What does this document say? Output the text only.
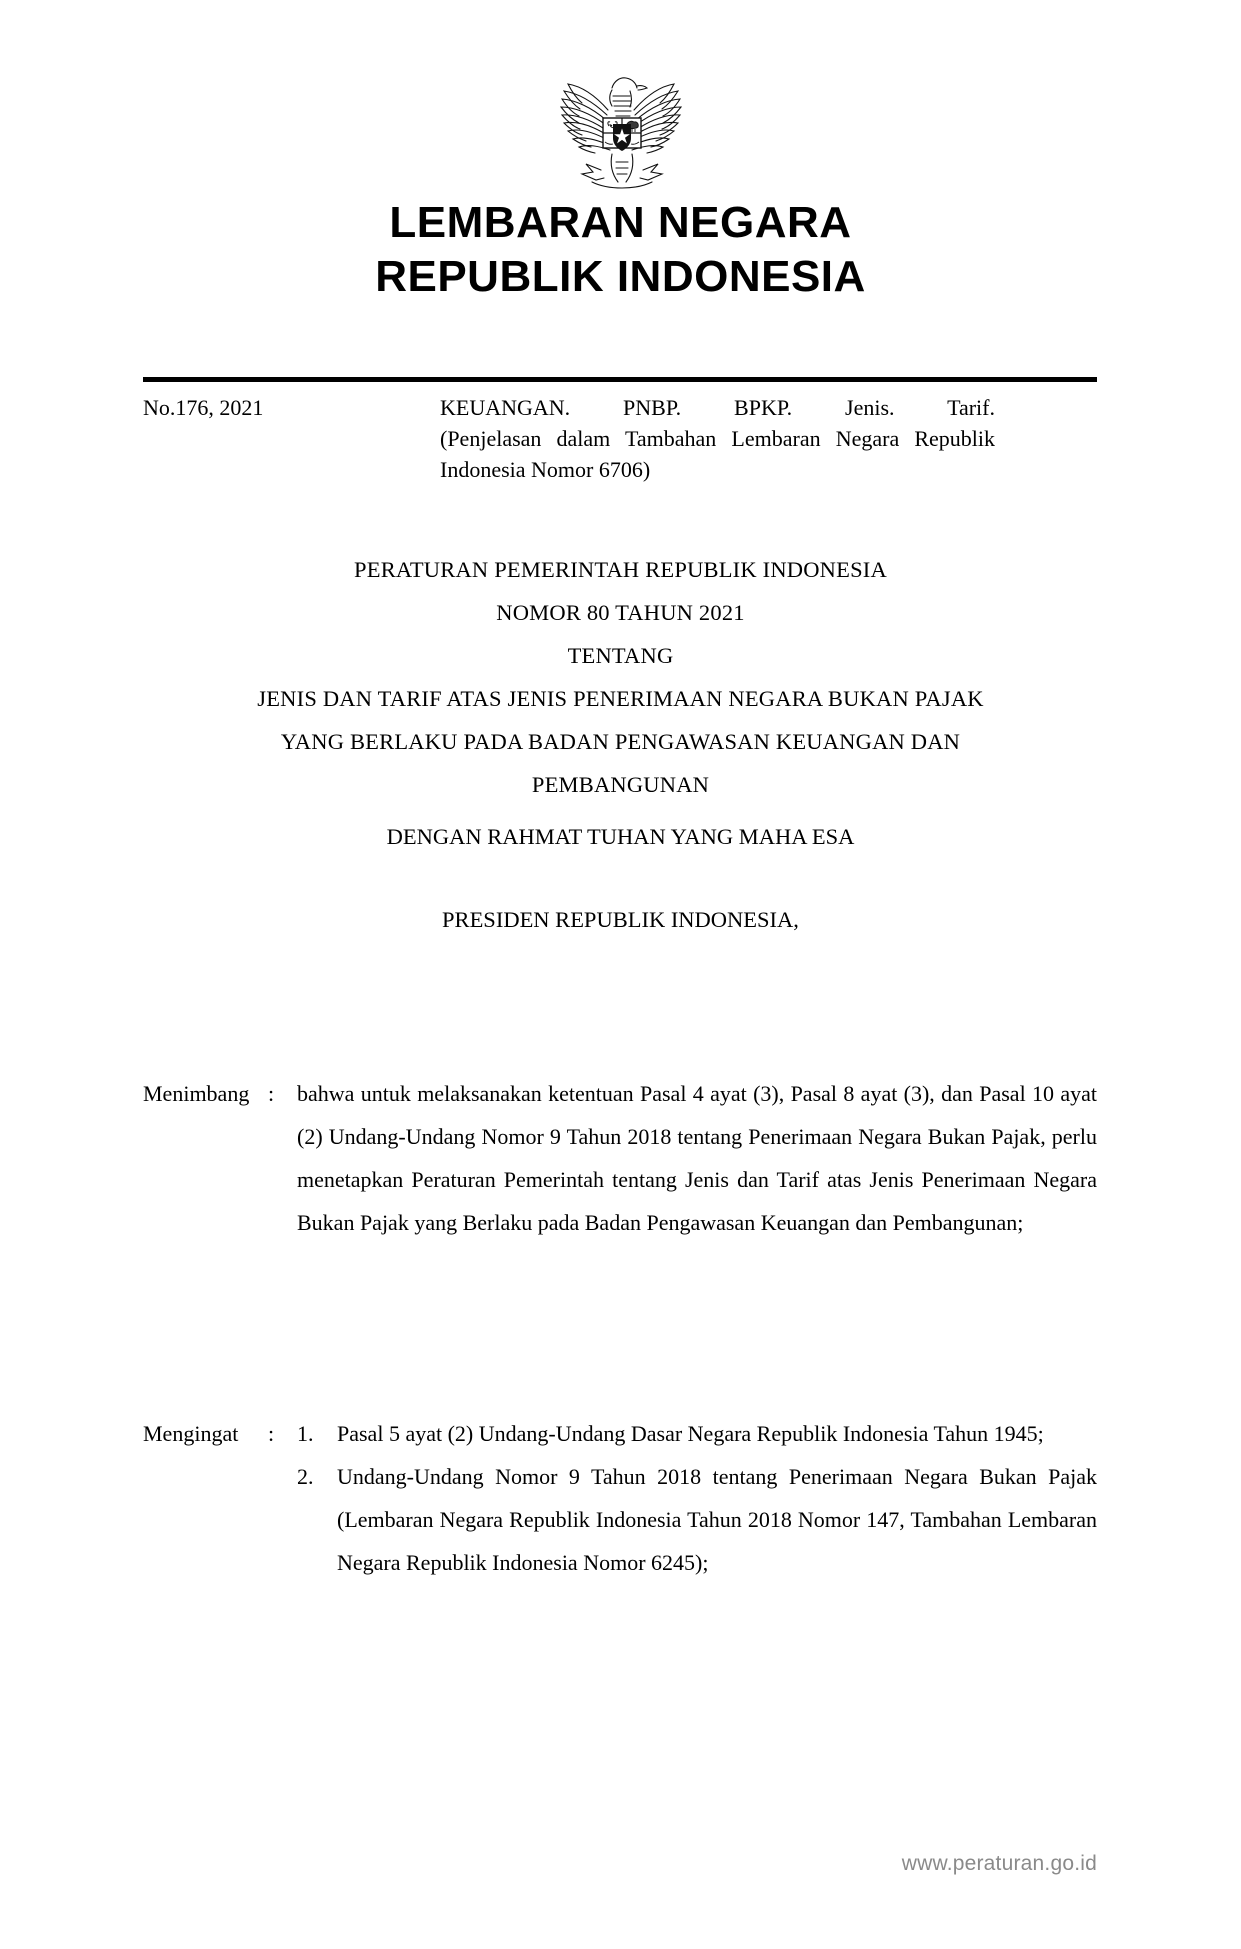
LEMBARAN NEGARA
REPUBLIK INDONESIA
No.176, 2021	KEUANGAN. PNBP. BPKP. Jenis. Tarif.
(Penjelasan dalam Tambahan Lembaran Negara Republik Indonesia Nomor 6706)
PERATURAN PEMERINTAH REPUBLIK INDONESIA
NOMOR 80 TAHUN 2021
TENTANG
JENIS DAN TARIF ATAS JENIS PENERIMAAN NEGARA BUKAN PAJAK
YANG BERLAKU PADA BADAN PENGAWASAN KEUANGAN DAN
PEMBANGUNAN
DENGAN RAHMAT TUHAN YANG MAHA ESA
PRESIDEN REPUBLIK INDONESIA,
Menimbang :	bahwa untuk melaksanakan ketentuan Pasal 4 ayat (3), Pasal 8 ayat (3), dan Pasal 10 ayat (2) Undang-Undang Nomor 9 Tahun 2018 tentang Penerimaan Negara Bukan Pajak, perlu menetapkan Peraturan Pemerintah tentang Jenis dan Tarif atas Jenis Penerimaan Negara Bukan Pajak yang Berlaku pada Badan Pengawasan Keuangan dan Pembangunan;

Mengingat	:	1.	Pasal 5 ayat (2) Undang-Undang Dasar Negara Republik Indonesia Tahun 1945;
2.	Undang-Undang Nomor 9 Tahun 2018 tentang Penerimaan Negara Bukan Pajak (Lembaran Negara Republik Indonesia Tahun 2018 Nomor 147, Tambahan Lembaran Negara Republik Indonesia Nomor 6245);
www.peraturan.go.id
